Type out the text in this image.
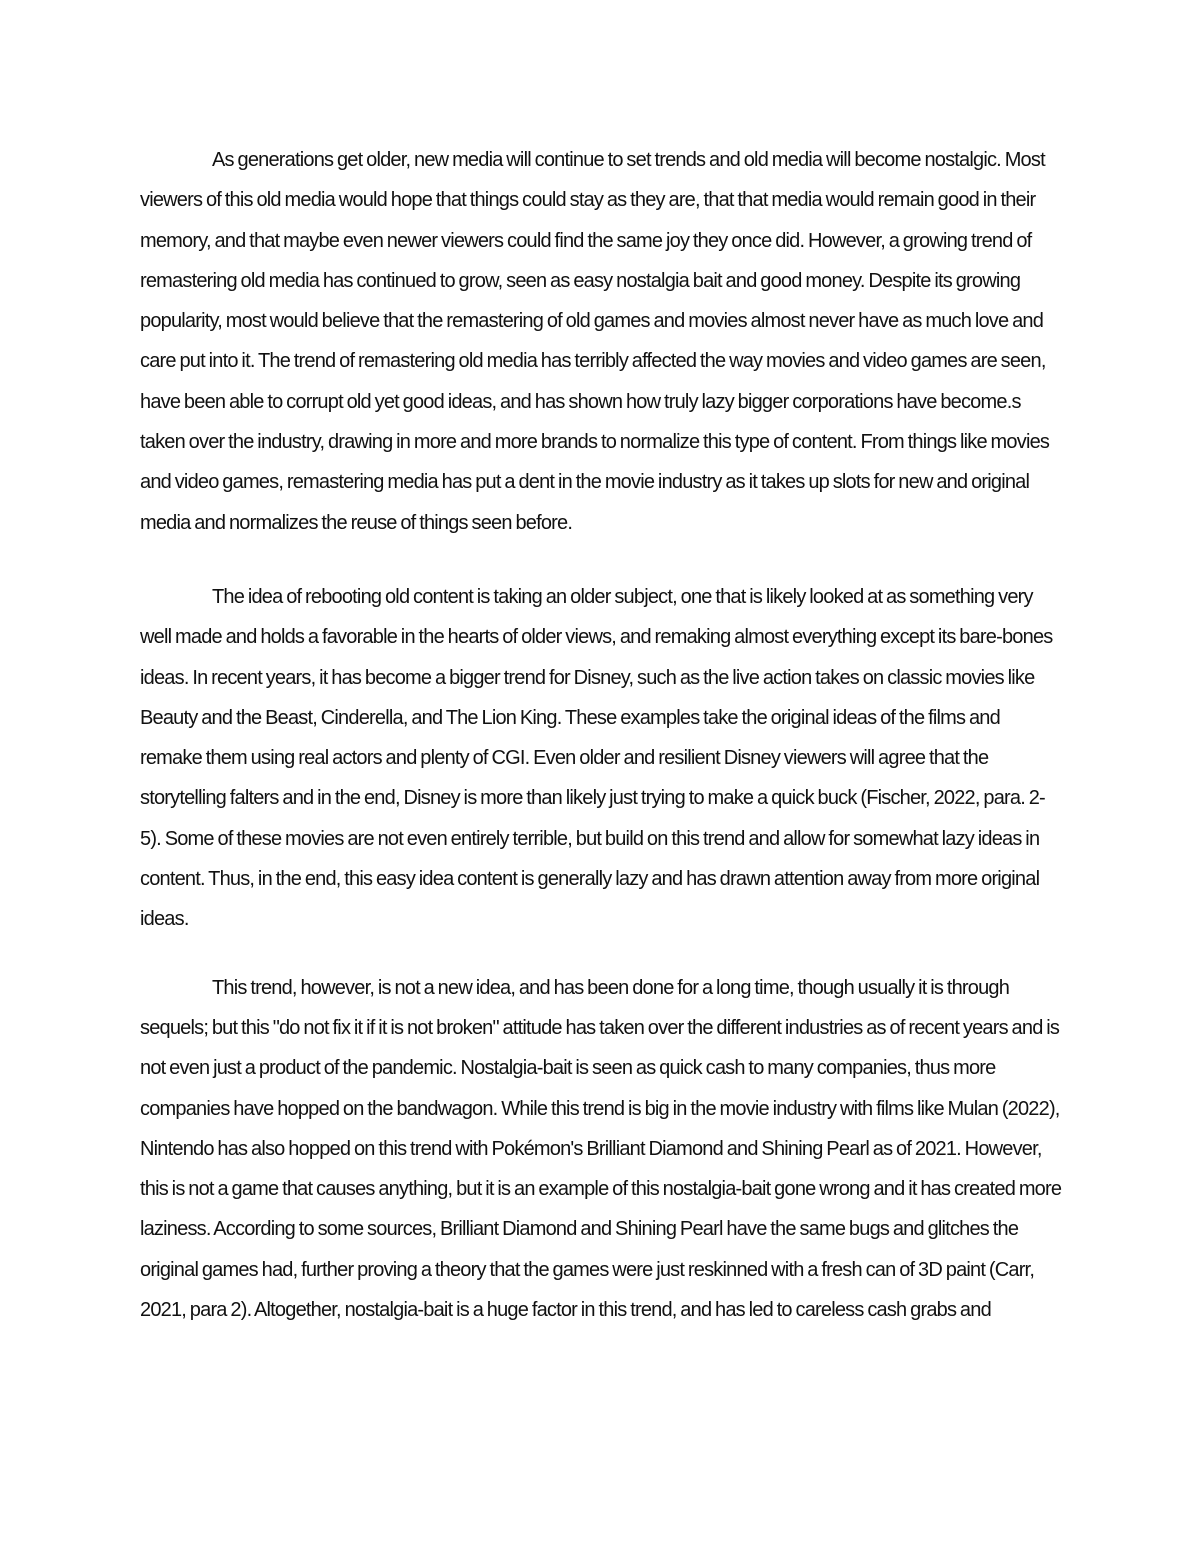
As generations get older, new media will continue to set trends and old media will become nostalgic. Most viewers of this old media would hope that things could stay as they are, that that media would remain good in their memory, and that maybe even newer viewers could find the same joy they once did. However, a growing trend of remastering old media has continued to grow, seen as easy nostalgia bait and good money. Despite its growing popularity, most would believe that the remastering of old games and movies almost never have as much love and care put into it. The trend of remastering old media has terribly affected the way movies and video games are seen, have been able to corrupt old yet good ideas, and has shown how truly lazy bigger corporations have become.s taken over the industry, drawing in more and more brands to normalize this type of content. From things like movies and video games, remastering media has put a dent in the movie industry as it takes up slots for new and original media and normalizes the reuse of things seen before.

The idea of rebooting old content is taking an older subject, one that is likely looked at as something very well made and holds a favorable in the hearts of older views, and remaking almost everything except its bare-bones ideas. In recent years, it has become a bigger trend for Disney, such as the live action takes on classic movies like Beauty and the Beast, Cinderella, and The Lion King. These examples take the original ideas of the films and remake them using real actors and plenty of CGI. Even older and resilient Disney viewers will agree that the storytelling falters and in the end, Disney is more than likely just trying to make a quick buck (Fischer, 2022, para. 2-5). Some of these movies are not even entirely terrible, but build on this trend and allow for somewhat lazy ideas in content. Thus, in the end, this easy idea content is generally lazy and has drawn attention away from more original ideas.

This trend, however, is not a new idea, and has been done for a long time, though usually it is through sequels; but this "do not fix it if it is not broken" attitude has taken over the different industries as of recent years and is not even just a product of the pandemic. Nostalgia-bait is seen as quick cash to many companies, thus more companies have hopped on the bandwagon. While this trend is big in the movie industry with films like Mulan (2022), Nintendo has also hopped on this trend with Pokémon's Brilliant Diamond and Shining Pearl as of 2021. However, this is not a game that causes anything, but it is an example of this nostalgia-bait gone wrong and it has created more laziness. According to some sources, Brilliant Diamond and Shining Pearl have the same bugs and glitches the original games had, further proving a theory that the games were just reskinned with a fresh can of 3D paint (Carr, 2021, para 2). Altogether, nostalgia-bait is a huge factor in this trend, and has led to careless cash grabs and
